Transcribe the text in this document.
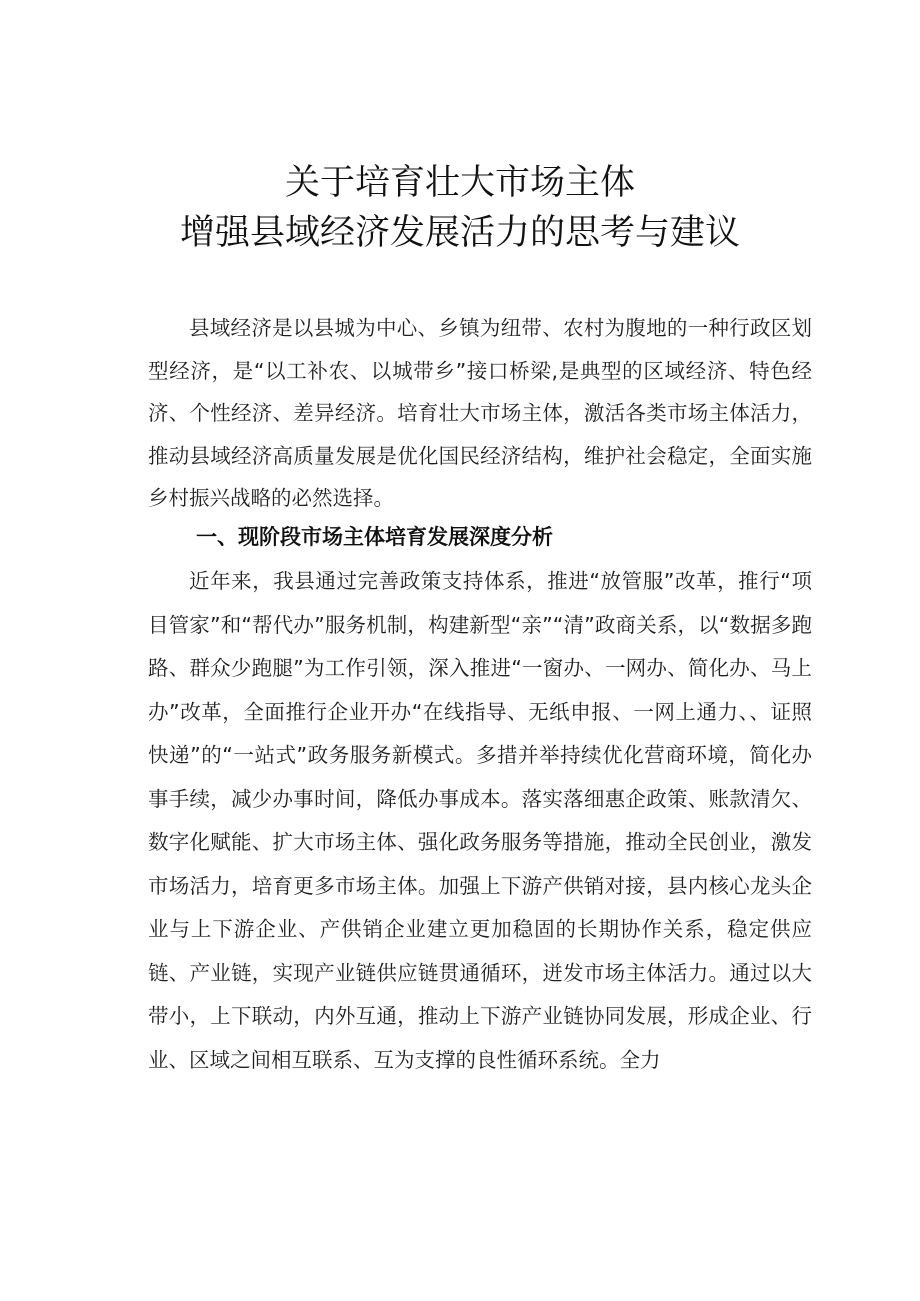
关于培育壮大市场主体
增强县域经济发展活力的思考与建议

县域经济是以县城为中心、乡镇为纽带、农村为腹地的一种行政区划型经济，是“以工补农、以城带乡”接口桥梁,是典型的区域经济、特色经济、个性经济、差异经济。培育壮大市场主体，激活各类市场主体活力，推动县域经济高质量发展是优化国民经济结构，维护社会稳定，全面实施乡村振兴战略的必然选择。

一、现阶段市场主体培育发展深度分析

近年来，我县通过完善政策支持体系，推进“放管服”改革，推行“项目管家”和“帮代办”服务机制，构建新型“亲”“清”政商关系，以“数据多跑路、群众少跑腿”为工作引领，深入推进“一窗办、一网办、简化办、马上办”改革，全面推行企业开办“在线指导、无纸申报、一网上通力、、证照快递”的“一站式”政务服务新模式。多措并举持续优化营商环境，简化办事手续，减少办事时间，降低办事成本。落实落细惠企政策、账款清欠、数字化赋能、扩大市场主体、强化政务服务等措施，推动全民创业，激发市场活力，培育更多市场主体。加强上下游产供销对接，县内核心龙头企业与上下游企业、产供销企业建立更加稳固的长期协作关系，稳定供应链、产业链，实现产业链供应链贯通循环，迸发市场主体活力。通过以大带小，上下联动，内外互通，推动上下游产业链协同发展，形成企业、行业、区域之间相互联系、互为支撑的良性循环系统。全力
